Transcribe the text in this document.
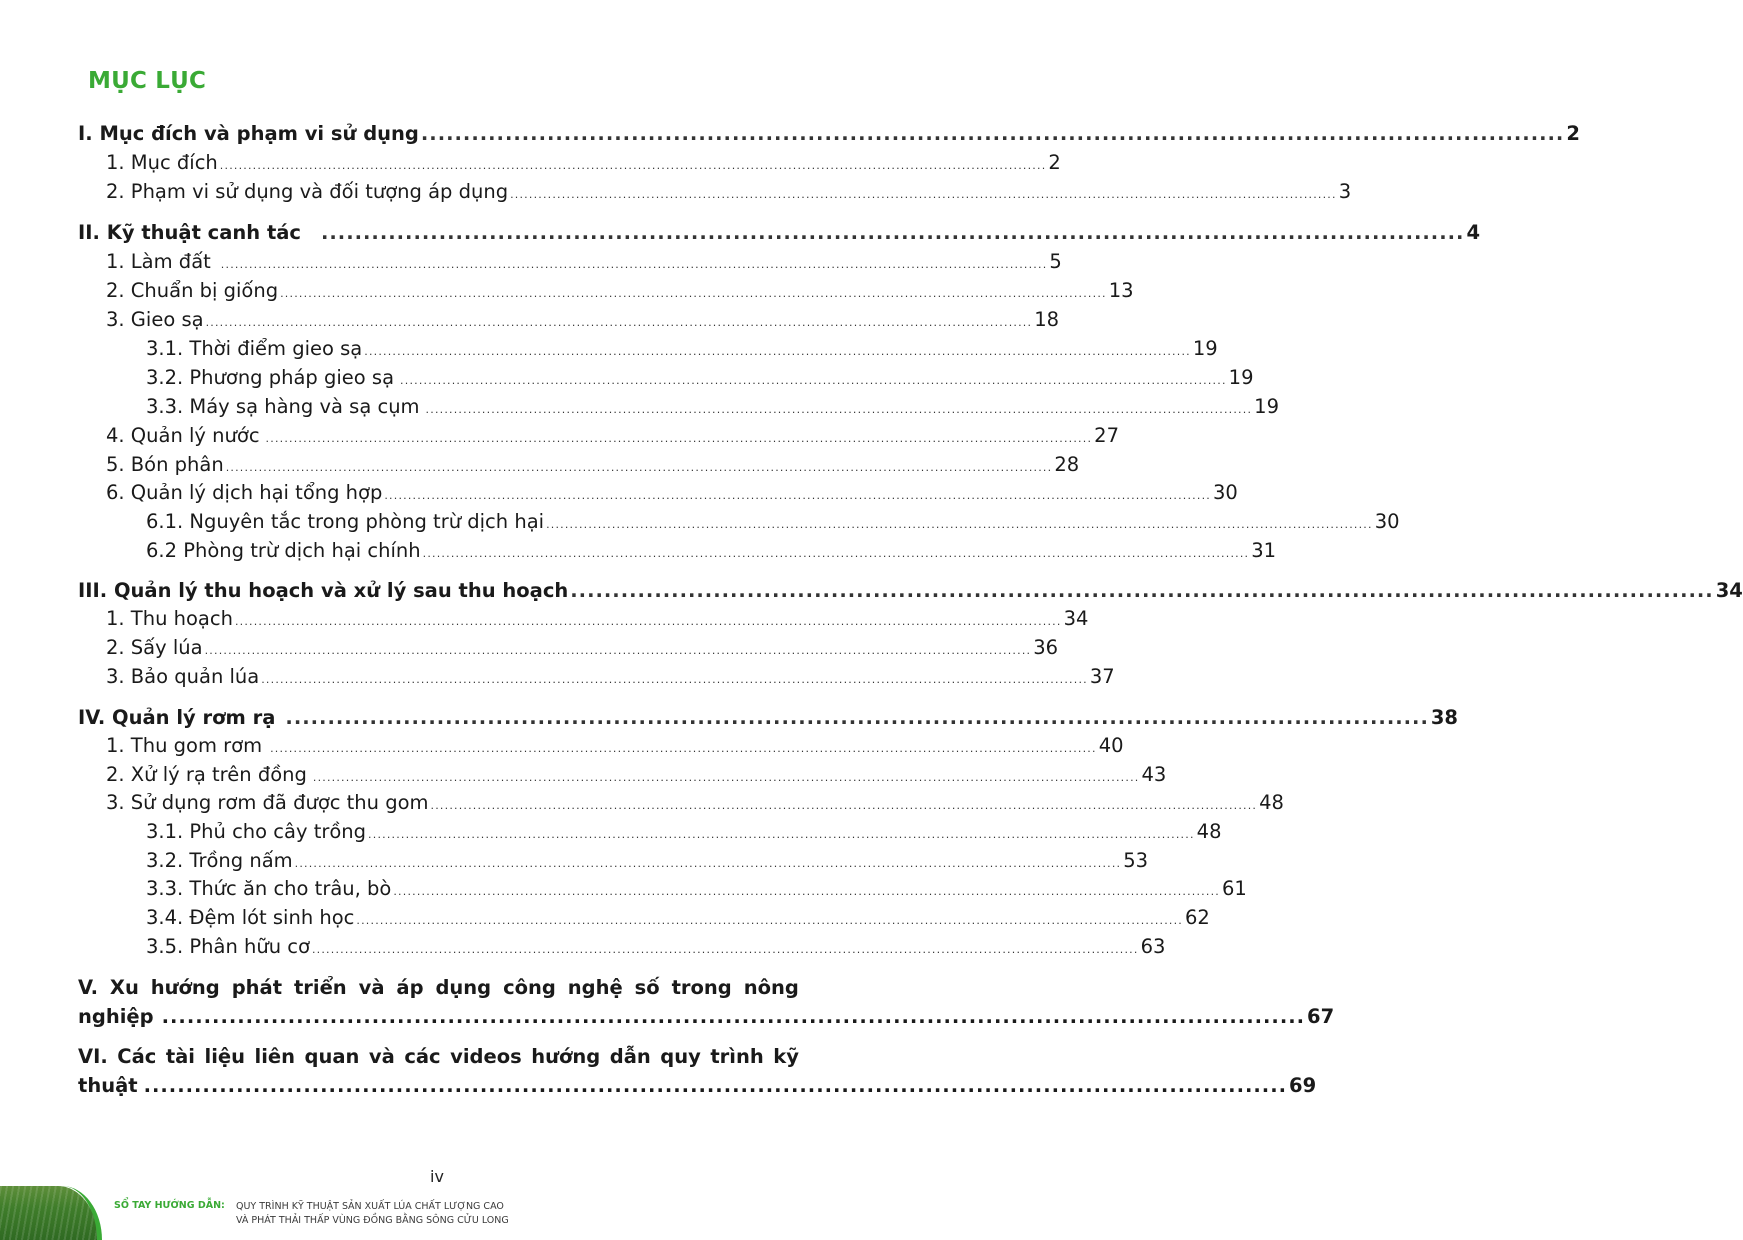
MỤC LỤC
I. Mục đích và phạm vi sử dụng ........................................................................................................................................ 2
1. Mục đích ................................................................................................................................................................................ 2
2. Phạm vi sử dụng và đối tượng áp dụng ................................................................................................................................................................................ 3
II. Kỹ thuật canh tác ........................................................................................................................................ 4
1. Làm đất ................................................................................................................................................................................ 5
2. Chuẩn bị giống ................................................................................................................................................................................ 13
3. Gieo sạ ................................................................................................................................................................................ 18
3.1. Thời điểm gieo sạ ................................................................................................................................................................................ 19
3.2. Phương pháp gieo sạ ................................................................................................................................................................................ 19
3.3. Máy sạ hàng và sạ cụm ................................................................................................................................................................................ 19
4. Quản lý nước ................................................................................................................................................................................ 27
5. Bón phân ................................................................................................................................................................................ 28
6. Quản lý dịch hại tổng hợp ................................................................................................................................................................................ 30
6.1. Nguyên tắc trong phòng trừ dịch hại ................................................................................................................................................................................ 30
6.2 Phòng trừ dịch hại chính ................................................................................................................................................................................ 31
III. Quản lý thu hoạch và xử lý sau thu hoạch ........................................................................................................................................ 34
1. Thu hoạch ................................................................................................................................................................................ 34
2. Sấy lúa ................................................................................................................................................................................ 36
3. Bảo quản lúa ................................................................................................................................................................................ 37
IV. Quản lý rơm rạ ........................................................................................................................................ 38
1. Thu gom rơm ................................................................................................................................................................................ 40
2. Xử lý rạ trên đồng ................................................................................................................................................................................ 43
3. Sử dụng rơm đã được thu gom ................................................................................................................................................................................ 48
3.1. Phủ cho cây trồng ................................................................................................................................................................................ 48
3.2. Trồng nấm ................................................................................................................................................................................ 53
3.3. Thức ăn cho trâu, bò ................................................................................................................................................................................ 61
3.4. Đệm lót sinh học ................................................................................................................................................................................ 62
3.5. Phân hữu cơ ................................................................................................................................................................................ 63
V. Xu hướng phát triển và áp dụng công nghệ số trong nông
nghiệp ........................................................................................................................................ 67
VI. Các tài liệu liên quan và các videos hướng dẫn quy trình kỹ
thuật ........................................................................................................................................ 69
iv
SỔ TAY HƯỚNG DẪN: QUY TRÌNH KỸ THUẬT SẢN XUẤT LÚA CHẤT LƯỢNG CAO
VÀ PHÁT THẢI THẤP VÙNG ĐỒNG BẰNG SÔNG CỬU LONG
